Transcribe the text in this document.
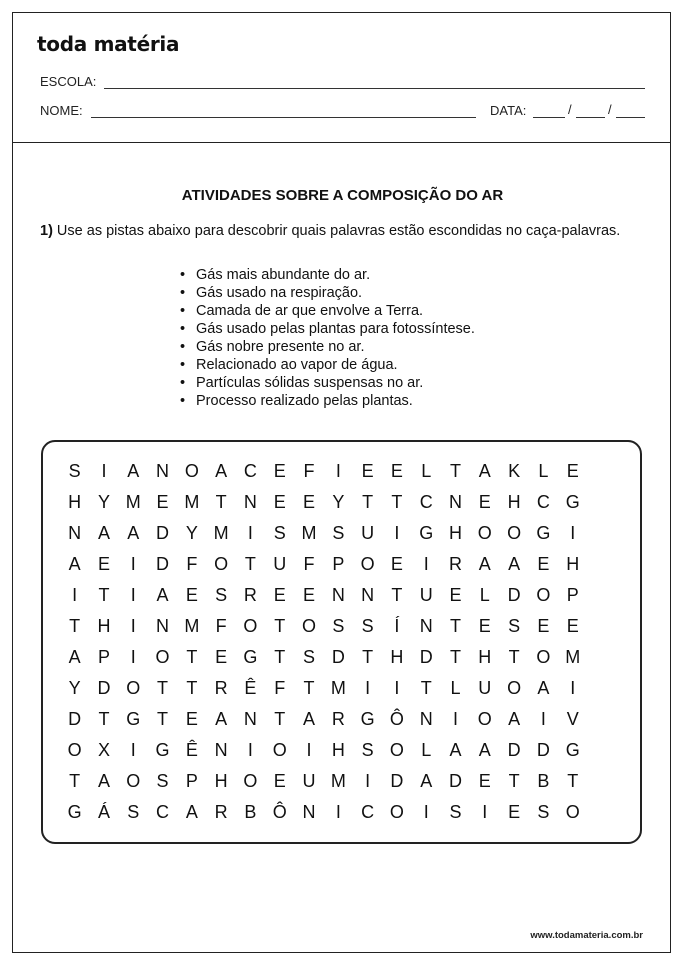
toda matéria
ESCOLA:
NOME:	DATA:	/	/
ATIVIDADES SOBRE A COMPOSIÇÃO DO AR
1) Use as pistas abaixo para descobrir quais palavras estão escondidas no caça-palavras.
• Gás mais abundante do ar.
• Gás usado na respiração.
• Camada de ar que envolve a Terra.
• Gás usado pelas plantas para fotossíntese.
• Gás nobre presente no ar.
• Relacionado ao vapor de água.
• Partículas sólidas suspensas no ar.
• Processo realizado pelas plantas.
S	I	A N O A C E F	I	E E	L	T A K	L	E
H Y M E M T N E E Y T	T C N E H C G
N A A D Y M	I	S M S U	I	G H O O G	I
A E	I	D F O T U F P O E	I	R A A E H
I	T	I	A E S R E E N N T U E	L D O P
T H	I	N M F O T O S S	Í	N T E S E E
A P	I	O T E G T S D T H D T H T O M
Y D O T	T R Ê F	T M	I	I	T	L U O A	I
D T G T E A N T A R G Ô N	I	O A	I	V
O X	I	G Ê N	I	O	I	H S O L	A A D D G
T A O S P H O E U M	I	D A D E T B T
G Á S C A R B Ô N	I	C O	I	S	I	E S O
www.todamateria.com.br
